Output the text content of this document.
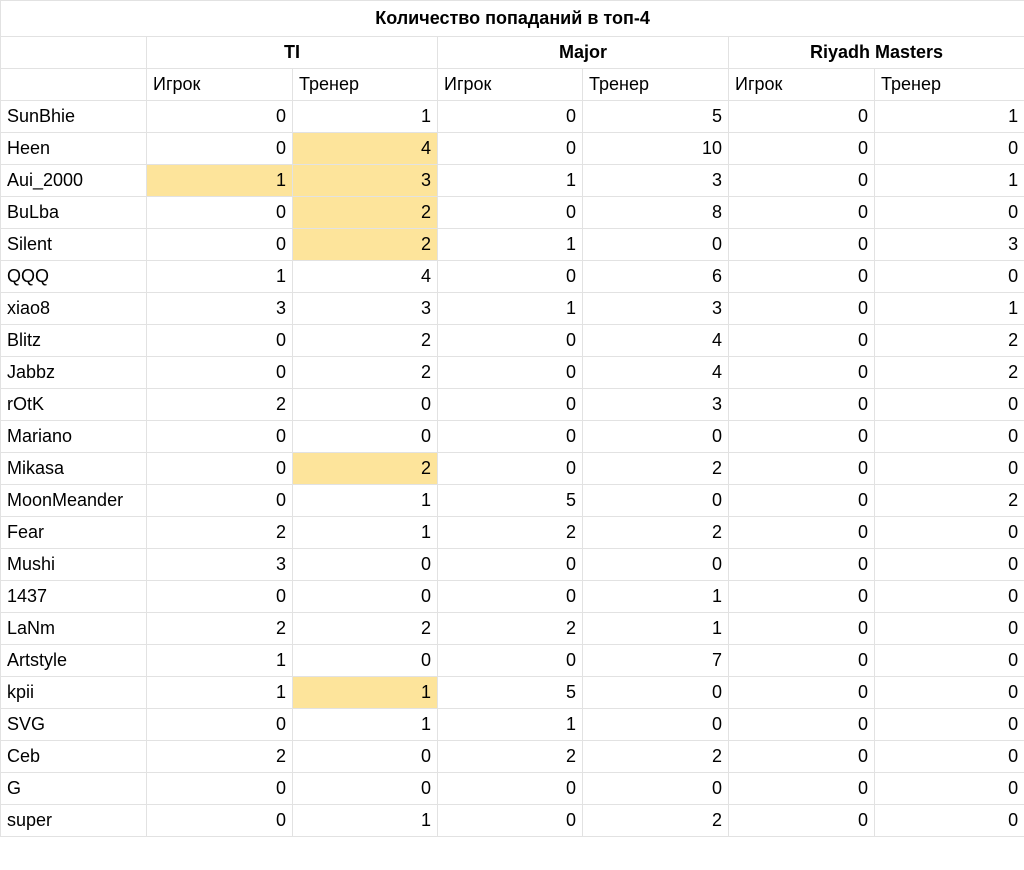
Количество попаданий в топ-4						
	TI		Major		Riyadh Masters	
	Игрок	Тренер	Игрок	Тренер	Игрок	Тренер
SunBhie	0	1	0	5	0	1
Heen	0	4	0	10	0	0
Aui_2000	1	3	1	3	0	1
BuLba	0	2	0	8	0	0
Silent	0	2	1	0	0	3
QQQ	1	4	0	6	0	0
xiao8	3	3	1	3	0	1
Blitz	0	2	0	4	0	2
Jabbz	0	2	0	4	0	2
rOtK	2	0	0	3	0	0
Mariano	0	0	0	0	0	0
Mikasa	0	2	0	2	0	0
MoonMeander	0	1	5	0	0	2
Fear	2	1	2	2	0	0
Mushi	3	0	0	0	0	0
1437	0	0	0	1	0	0
LaNm	2	2	2	1	0	0
Artstyle	1	0	0	7	0	0
kpii	1	1	5	0	0	0
SVG	0	1	1	0	0	0
Ceb	2	0	2	2	0	0
G	0	0	0	0	0	0
super	0	1	0	2	0	0
